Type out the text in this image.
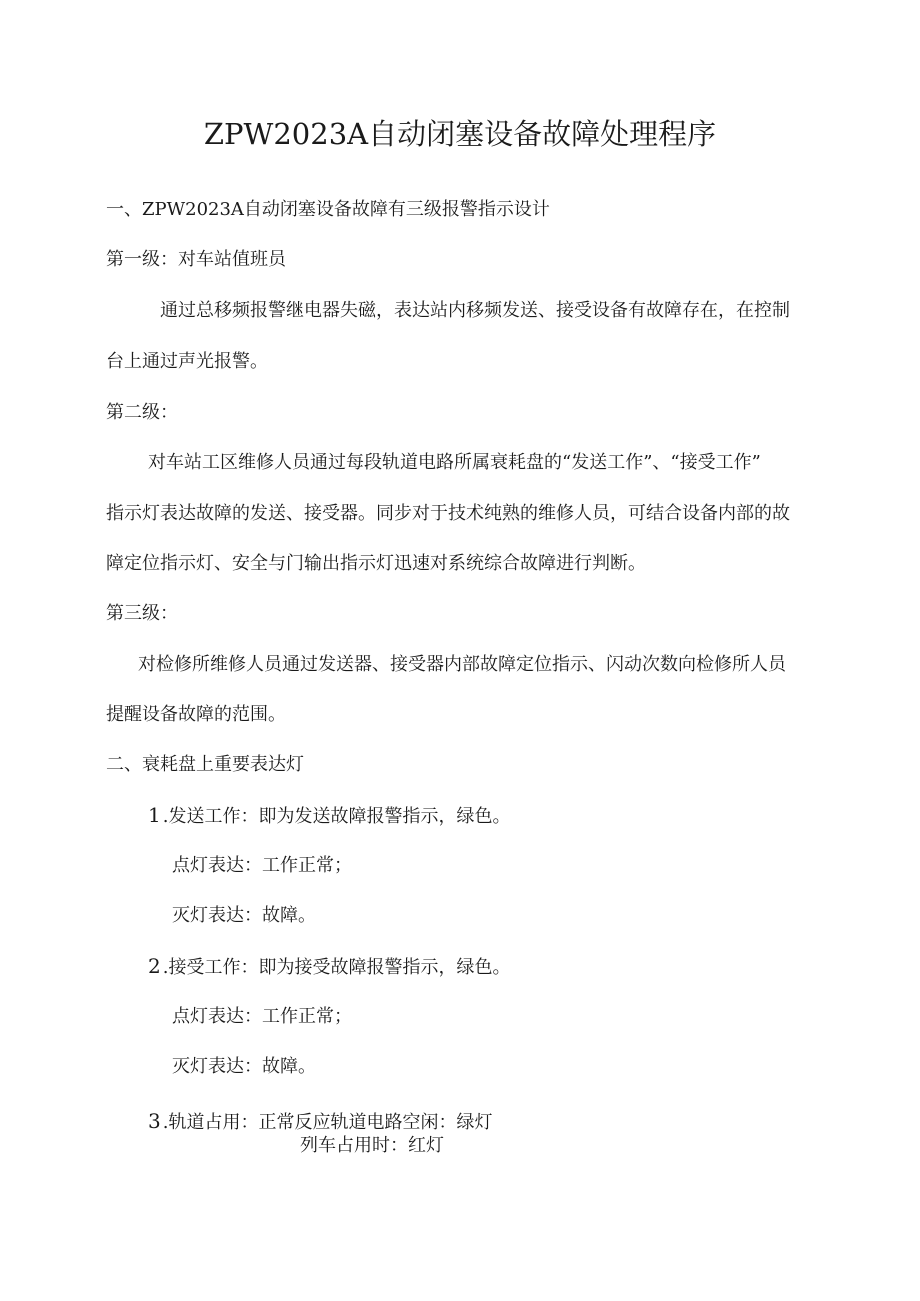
ZPW2023A自动闭塞设备故障处理程序
一、ZPW2023A自动闭塞设备故障有三级报警指示设计
第一级：对车站值班员
通过总移频报警继电器失磁，表达站内移频发送、接受设备有故障存在，在控制
台上通过声光报警。
第二级：
对车站工区维修人员通过每段轨道电路所属衰耗盘的“发送工作”、“接受工作”
指示灯表达故障的发送、接受器。同步对于技术纯熟的维修人员，可结合设备内部的故
障定位指示灯、安全与门输出指示灯迅速对系统综合故障进行判断。
第三级：
对检修所维修人员通过发送器、接受器内部故障定位指示、闪动次数向检修所人员
提醒设备故障的范围。
二、衰耗盘上重要表达灯
1 .发送工作：即为发送故障报警指示，绿色。
点灯表达：工作正常；
灭灯表达：故障。
2 .接受工作：即为接受故障报警指示，绿色。
点灯表达：工作正常；
灭灯表达：故障。
3 .轨道占用：正常反应轨道电路空闲：绿灯
列车占用时：红灯
